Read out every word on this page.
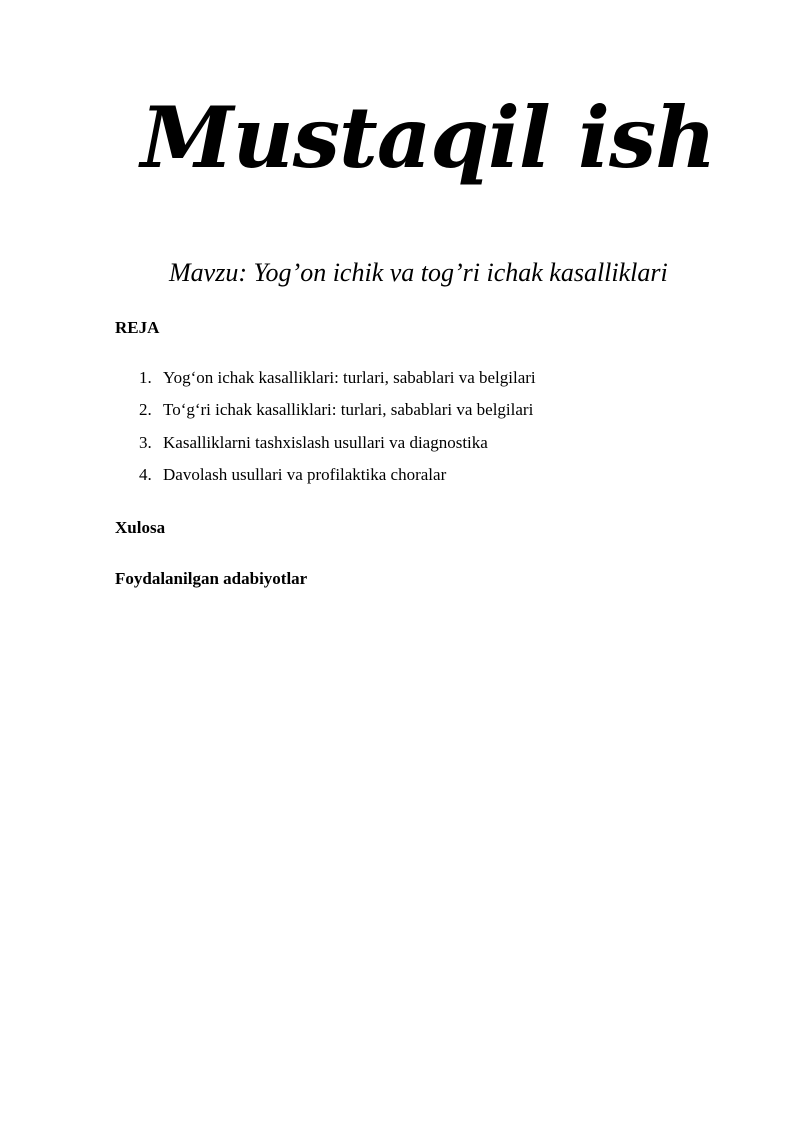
Mustaqil ish
Mavzu: Yog’on ichik va tog’ri ichak kasalliklari
REJA
1. Yog‘on ichak kasalliklari: turlari, sabablari va belgilari
2. To‘g‘ri ichak kasalliklari: turlari, sabablari va belgilari
3. Kasalliklarni tashxislash usullari va diagnostika
4. Davolash usullari va profilaktika choralar
Xulosa
Foydalanilgan adabiyotlar
